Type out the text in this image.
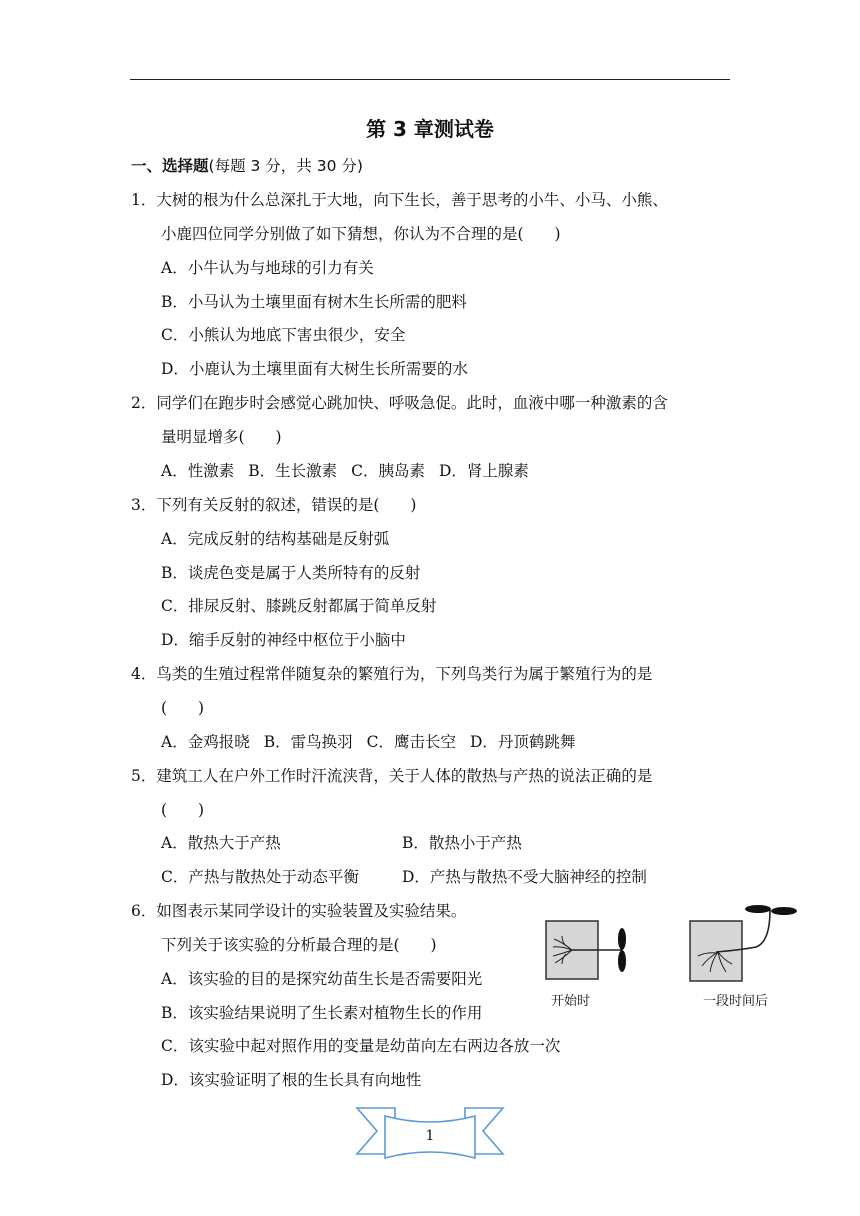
第 3 章测试卷
一、选择题(每题 3 分，共 30 分)
1．大树的根为什么总深扎于大地，向下生长，善于思考的小牛、小马、小熊、
小鹿四位同学分别做了如下猜想，你认为不合理的是(　　)
A．小牛认为与地球的引力有关
B．小马认为土壤里面有树木生长所需的肥料
C．小熊认为地底下害虫很少，安全
D．小鹿认为土壤里面有大树生长所需要的水
2．同学们在跑步时会感觉心跳加快、呼吸急促。此时，血液中哪一种激素的含
量明显增多(　　)
A．性激素 B．生长激素 C．胰岛素 D．肾上腺素
3．下列有关反射的叙述，错误的是(　　)
A．完成反射的结构基础是反射弧
B．谈虎色变是属于人类所特有的反射
C．排尿反射、膝跳反射都属于简单反射
D．缩手反射的神经中枢位于小脑中
4．鸟类的生殖过程常伴随复杂的繁殖行为，下列鸟类行为属于繁殖行为的是
(　　)
A．金鸡报晓 B．雷鸟换羽 C．鹰击长空 D．丹顶鹤跳舞
5．建筑工人在户外工作时汗流浃背，关于人体的散热与产热的说法正确的是
(　　)
A．散热大于产热	B．散热小于产热
C．产热与散热处于动态平衡	D．产热与散热不受大脑神经的控制
6．如图表示某同学设计的实验装置及实验结果。
下列关于该实验的分析最合理的是(　　)
A．该实验的目的是探究幼苗生长是否需要阳光
B．该实验结果说明了生长素对植物生长的作用
C．该实验中起对照作用的变量是幼苗向左右两边各放一次
D．该实验证明了根的生长具有向地性
开始时	一段时间后
1
